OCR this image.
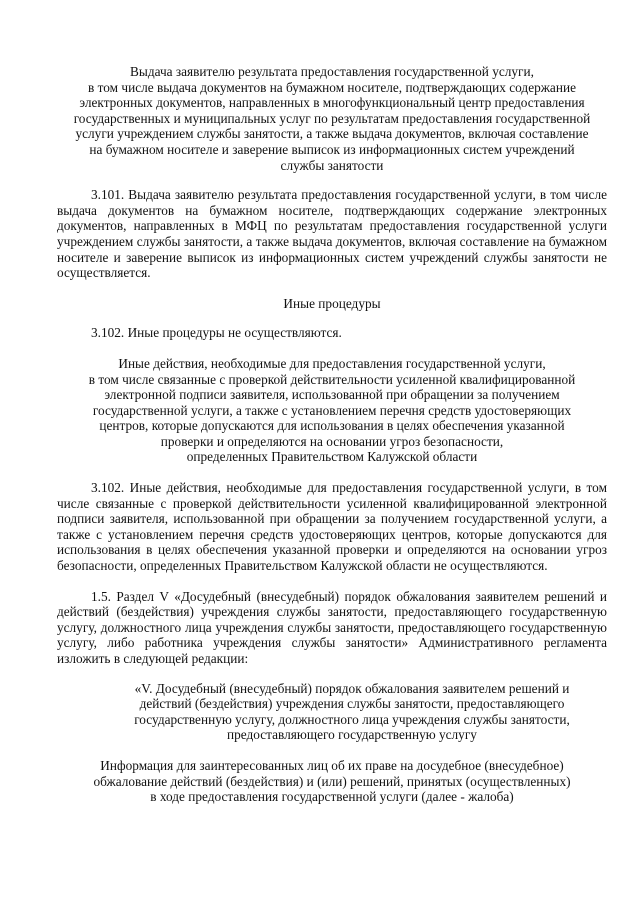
Выдача заявителю результата предоставления государственной услуги,
в том числе выдача документов на бумажном носителе, подтверждающих содержание
электронных документов, направленных в многофункциональный центр предоставления
государственных и муниципальных услуг по результатам предоставления государственной
услуги учреждением службы занятости, а также выдача документов, включая составление
на бумажном носителе и заверение выписок из информационных систем учреждений
службы занятости

3.101. Выдача заявителю результата предоставления государственной услуги, в том числе выдача документов на бумажном носителе, подтверждающих содержание электронных документов, направленных в МФЦ по результатам предоставления государственной услуги учреждением службы занятости, а также выдача документов, включая составление на бумажном носителе и заверение выписок из информационных систем учреждений службы занятости не осуществляется.

Иные процедуры

3.102. Иные процедуры не осуществляются.

Иные действия, необходимые для предоставления государственной услуги,
в том числе связанные с проверкой действительности усиленной квалифицированной
электронной подписи заявителя, использованной при обращении за получением
государственной услуги, а также с установлением перечня средств удостоверяющих
центров, которые допускаются для использования в целях обеспечения указанной
проверки и определяются на основании угроз безопасности,
определенных Правительством Калужской области

3.102. Иные действия, необходимые для предоставления государственной услуги, в том числе связанные с проверкой действительности усиленной квалифицированной электронной подписи заявителя, использованной при обращении за получением государственной услуги, а также с установлением перечня средств удостоверяющих центров, которые допускаются для использования в целях обеспечения указанной проверки и определяются на основании угроз безопасности, определенных Правительством Калужской области не осуществляются.

1.5. Раздел V «Досудебный (внесудебный) порядок обжалования заявителем решений и действий (бездействия) учреждения службы занятости, предоставляющего государственную услугу, должностного лица учреждения службы занятости, предоставляющего государственную услугу, либо работника учреждения службы занятости» Административного регламента изложить в следующей редакции:

«V. Досудебный (внесудебный) порядок обжалования заявителем решений и
действий (бездействия) учреждения службы занятости, предоставляющего
государственную услугу, должностного лица учреждения службы занятости,
предоставляющего государственную услугу
Информация для заинтересованных лиц об их праве на досудебное (внесудебное)
обжалование действий (бездействия) и (или) решений, принятых (осуществленных)
в ходе предоставления государственной услуги (далее - жалоба)
